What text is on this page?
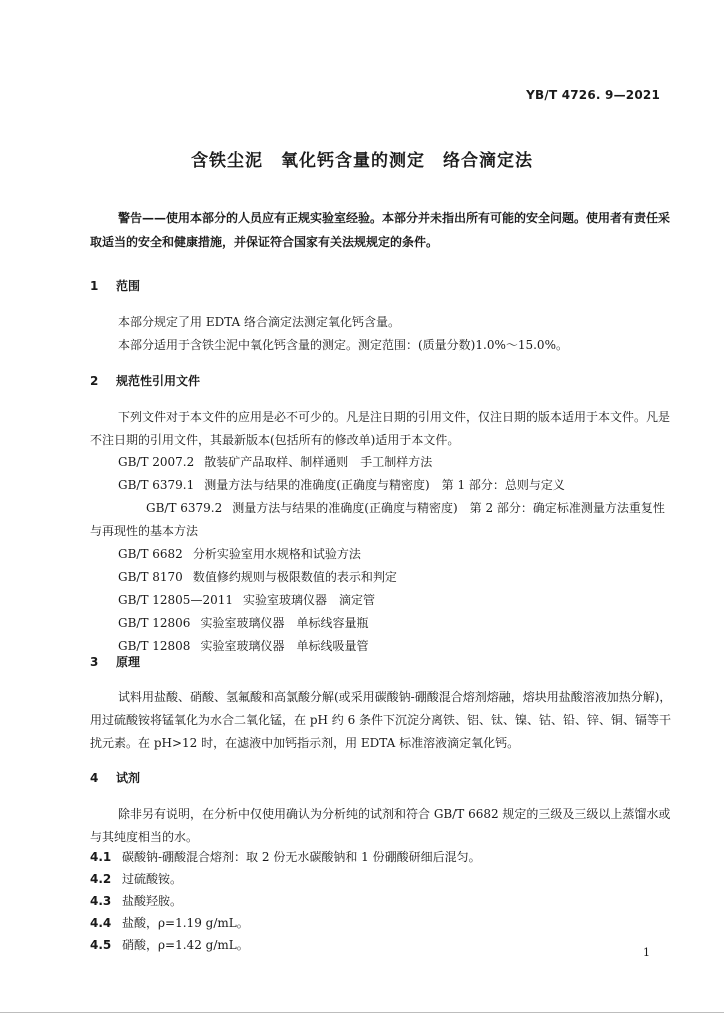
YB/T 4726. 9—2021
含铁尘泥　氧化钙含量的测定　络合滴定法

警告——使用本部分的人员应有正规实验室经验。本部分并未指出所有可能的安全问题。使用者有责任采取适当的安全和健康措施，并保证符合国家有关法规规定的条件。

1 范围

本部分规定了用 EDTA 络合滴定法测定氧化钙含量。

本部分适用于含铁尘泥中氧化钙含量的测定。测定范围：(质量分数)1.0%～15.0%。

2 规范性引用文件

下列文件对于本文件的应用是必不可少的。凡是注日期的引用文件，仅注日期的版本适用于本文件。凡是不注日期的引用文件，其最新版本(包括所有的修改单)适用于本文件。

GB/T 2007.2 散装矿产品取样、制样通则　手工制样方法
GB/T 6379.1 测量方法与结果的准确度(正确度与精密度)　第 1 部分：总则与定义
GB/T 6379.2 测量方法与结果的准确度(正确度与精密度)　第 2 部分：确定标准测量方法重复性与再现性的基本方法
GB/T 6682 分析实验室用水规格和试验方法
GB/T 8170 数值修约规则与极限数值的表示和判定
GB/T 12805—2011 实验室玻璃仪器　滴定管
GB/T 12806 实验室玻璃仪器　单标线容量瓶
GB/T 12808 实验室玻璃仪器　单标线吸量管
3 原理

试料用盐酸、硝酸、氢氟酸和高氯酸分解(或采用碳酸钠-硼酸混合熔剂熔融，熔块用盐酸溶液加热分解)，用过硫酸铵将锰氧化为水合二氧化锰，在 pH 约 6 条件下沉淀分离铁、铝、钛、镍、钴、铅、锌、铜、镉等干扰元素。在 pH>12 时，在滤液中加钙指示剂，用 EDTA 标准溶液滴定氧化钙。

4 试剂

除非另有说明，在分析中仅使用确认为分析纯的试剂和符合 GB/T 6682 规定的三级及三级以上蒸馏水或与其纯度相当的水。

4.1 碳酸钠-硼酸混合熔剂：取 2 份无水碳酸钠和 1 份硼酸研细后混匀。
4.2 过硫酸铵。
4.3 盐酸羟胺。
4.4 盐酸，ρ=1.19 g/mL。
4.5 硝酸，ρ=1.42 g/mL。
1
